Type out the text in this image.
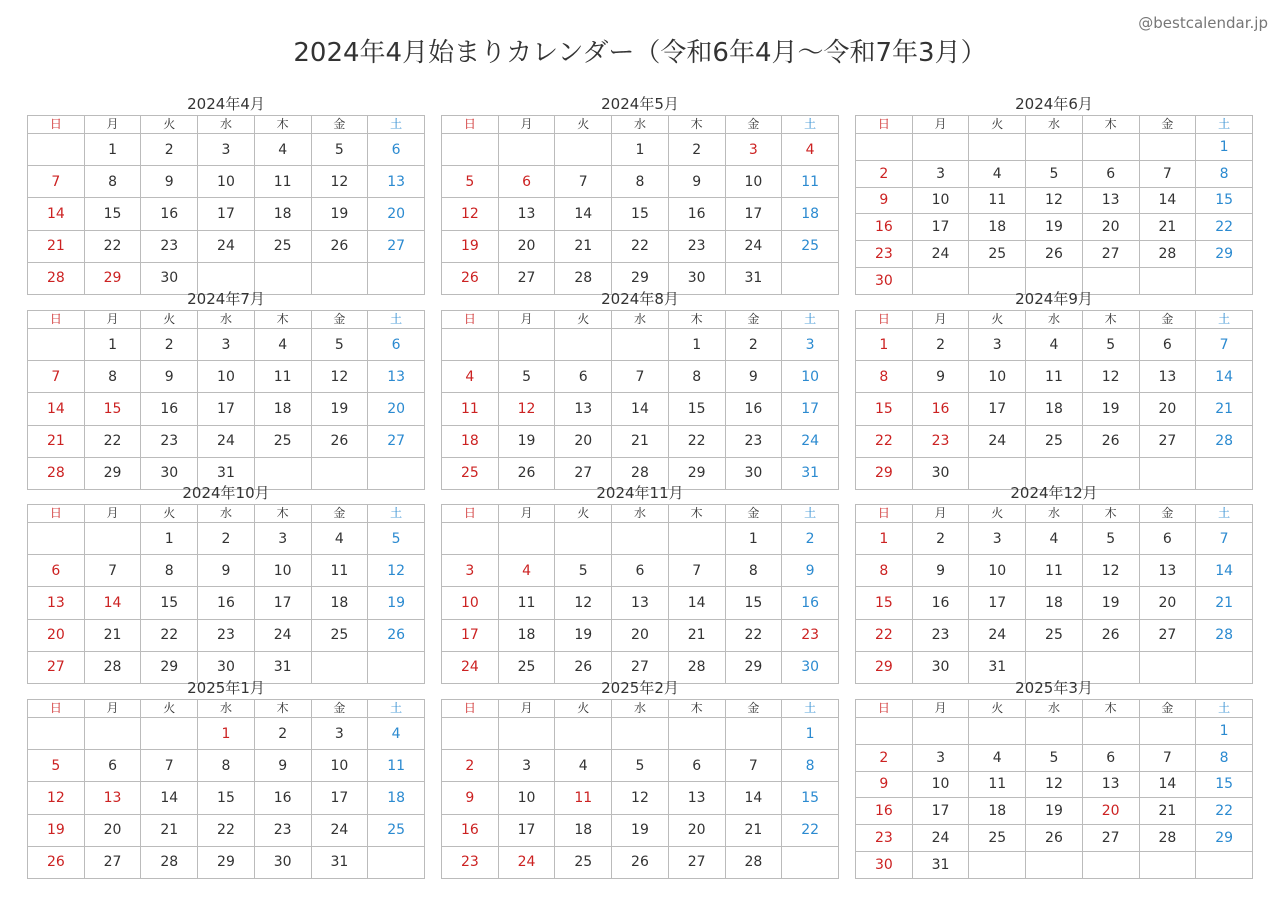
@bestcalendar.jp
2024年4月始まりカレンダー（令和6年4月〜令和7年3月）
2024年4月
日	月	火	水	木	金	土
	1	2	3	4	5	6
7	8	9	10	11	12	13
14	15	16	17	18	19	20
21	22	23	24	25	26	27
28	29	30				
2024年5月
日	月	火	水	木	金	土
			1	2	3	4
5	6	7	8	9	10	11
12	13	14	15	16	17	18
19	20	21	22	23	24	25
26	27	28	29	30	31	
2024年6月
日	月	火	水	木	金	土
						1
2	3	4	5	6	7	8
9	10	11	12	13	14	15
16	17	18	19	20	21	22
23	24	25	26	27	28	29
30						
2024年7月
日	月	火	水	木	金	土
	1	2	3	4	5	6
7	8	9	10	11	12	13
14	15	16	17	18	19	20
21	22	23	24	25	26	27
28	29	30	31			
2024年8月
日	月	火	水	木	金	土
				1	2	3
4	5	6	7	8	9	10
11	12	13	14	15	16	17
18	19	20	21	22	23	24
25	26	27	28	29	30	31
2024年9月
日	月	火	水	木	金	土
1	2	3	4	5	6	7
8	9	10	11	12	13	14
15	16	17	18	19	20	21
22	23	24	25	26	27	28
29	30					
2024年10月
日	月	火	水	木	金	土
		1	2	3	4	5
6	7	8	9	10	11	12
13	14	15	16	17	18	19
20	21	22	23	24	25	26
27	28	29	30	31		
2024年11月
日	月	火	水	木	金	土
					1	2
3	4	5	6	7	8	9
10	11	12	13	14	15	16
17	18	19	20	21	22	23
24	25	26	27	28	29	30
2024年12月
日	月	火	水	木	金	土
1	2	3	4	5	6	7
8	9	10	11	12	13	14
15	16	17	18	19	20	21
22	23	24	25	26	27	28
29	30	31				
2025年1月
日	月	火	水	木	金	土
			1	2	3	4
5	6	7	8	9	10	11
12	13	14	15	16	17	18
19	20	21	22	23	24	25
26	27	28	29	30	31	
2025年2月
日	月	火	水	木	金	土
						1
2	3	4	5	6	7	8
9	10	11	12	13	14	15
16	17	18	19	20	21	22
23	24	25	26	27	28	
2025年3月
日	月	火	水	木	金	土
						1
2	3	4	5	6	7	8
9	10	11	12	13	14	15
16	17	18	19	20	21	22
23	24	25	26	27	28	29
30	31					
